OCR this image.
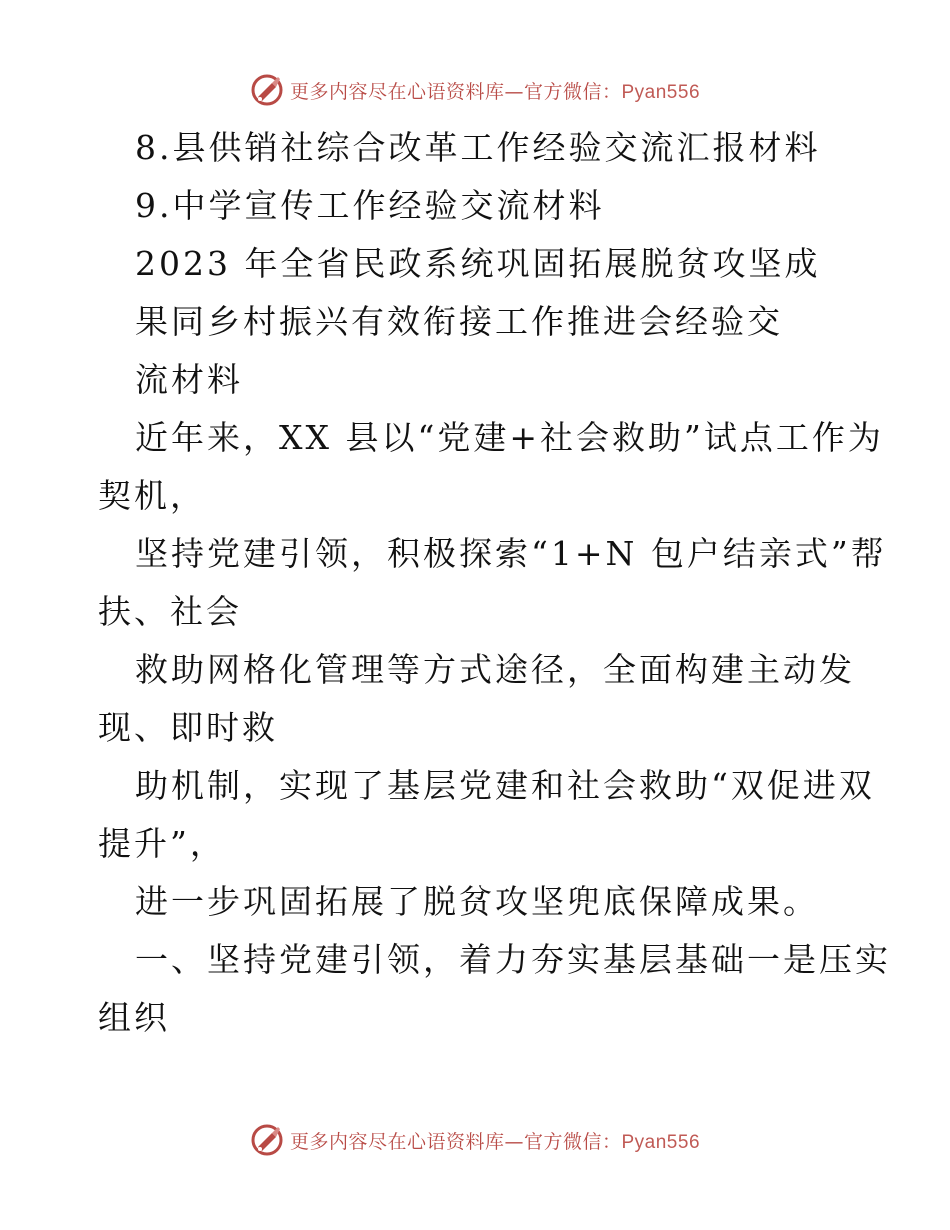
更多内容尽在心语资料库—官方微信：Pyan556
8.县供销社综合改革工作经验交流汇报材料
9.中学宣传工作经验交流材料
2023 年全省民政系统巩固拓展脱贫攻坚成
果同乡村振兴有效衔接工作推进会经验交
流材料
近年来，XX 县以“党建+社会救助”试点工作为
契机，
坚持党建引领，积极探索“1+N 包户结亲式”帮
扶、社会
救助网格化管理等方式途径，全面构建主动发
现、即时救
助机制，实现了基层党建和社会救助“双促进双
提升”，
进一步巩固拓展了脱贫攻坚兜底保障成果。
一、坚持党建引领，着力夯实基层基础一是压实
组织
更多内容尽在心语资料库—官方微信：Pyan556
